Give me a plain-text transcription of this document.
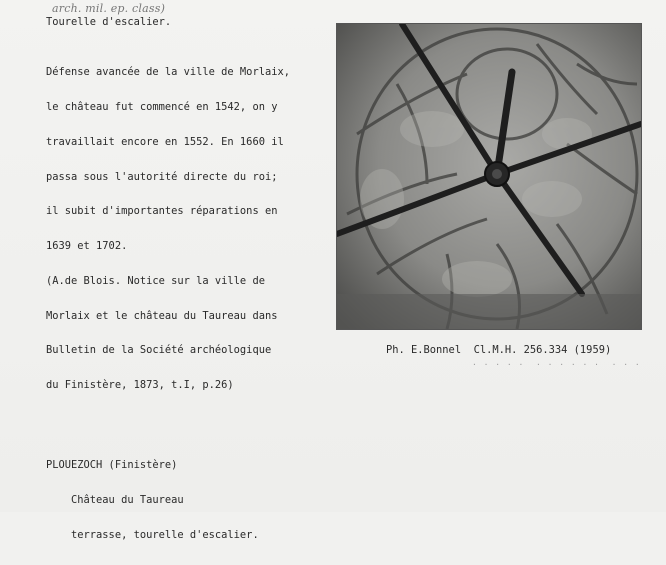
arch. mil. ep. class)
Tourelle d'escalier.

Défense avancée de la ville de Morlaix,

le château fut commencé en 1542, on y

travaillait encore en 1552. En 1660 il

passa sous l'autorité directe du roi;

il subit d'importantes réparations en

1639 et 1702.

(A.de Blois. Notice sur la ville de

Morlaix et le château du Taureau dans

Bulletin de la Société archéologique

du Finistère, 1873, t.I, p.26)

Ph. E.Bonnel  Cl.M.H. 256.334 (1959)
. . . . .  . . . . . .  . . .

PLOUEZOCH (Finistère)

Château du Taureau

terrasse, tourelle d'escalier.
